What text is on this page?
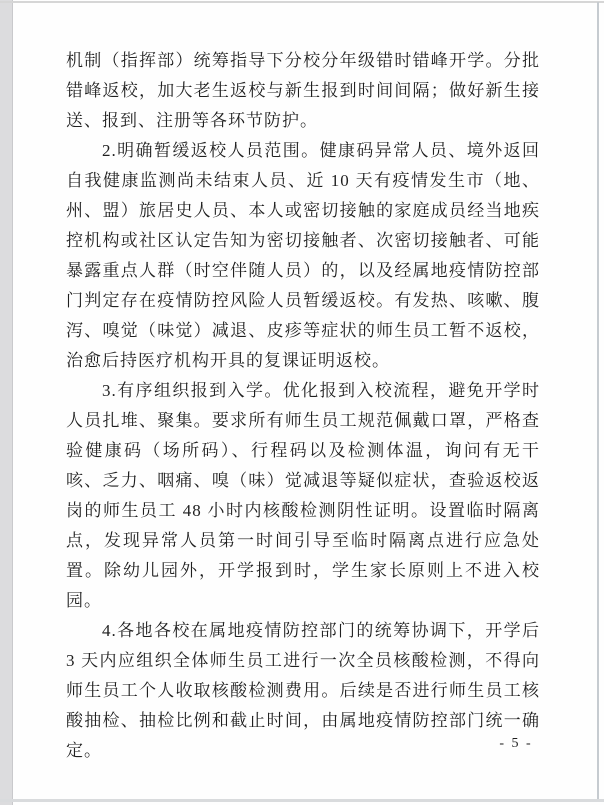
机制（指挥部）统筹指导下分校分年级错时错峰开学。分批错峰返校，加大老生返校与新生报到时间间隔；做好新生接送、报到、注册等各环节防护。

2.明确暂缓返校人员范围。健康码异常人员、境外返回自我健康监测尚未结束人员、近 10 天有疫情发生市（地、州、盟）旅居史人员、本人或密切接触的家庭成员经当地疾控机构或社区认定告知为密切接触者、次密切接触者、可能暴露重点人群（时空伴随人员）的，以及经属地疫情防控部门判定存在疫情防控风险人员暂缓返校。有发热、咳嗽、腹泻、嗅觉（味觉）减退、皮疹等症状的师生员工暂不返校，治愈后持医疗机构开具的复课证明返校。

3.有序组织报到入学。优化报到入校流程，避免开学时人员扎堆、聚集。要求所有师生员工规范佩戴口罩，严格查验健康码（场所码）、行程码以及检测体温，询问有无干咳、乏力、咽痛、嗅（味）觉减退等疑似症状，查验返校返岗的师生员工 48 小时内核酸检测阴性证明。设置临时隔离点，发现异常人员第一时间引导至临时隔离点进行应急处置。除幼儿园外，开学报到时，学生家长原则上不进入校园。

4.各地各校在属地疫情防控部门的统筹协调下，开学后 3 天内应组织全体师生员工进行一次全员核酸检测，不得向师生员工个人收取核酸检测费用。后续是否进行师生员工核酸抽检、抽检比例和截止时间，由属地疫情防控部门统一确定。	- 5 -
